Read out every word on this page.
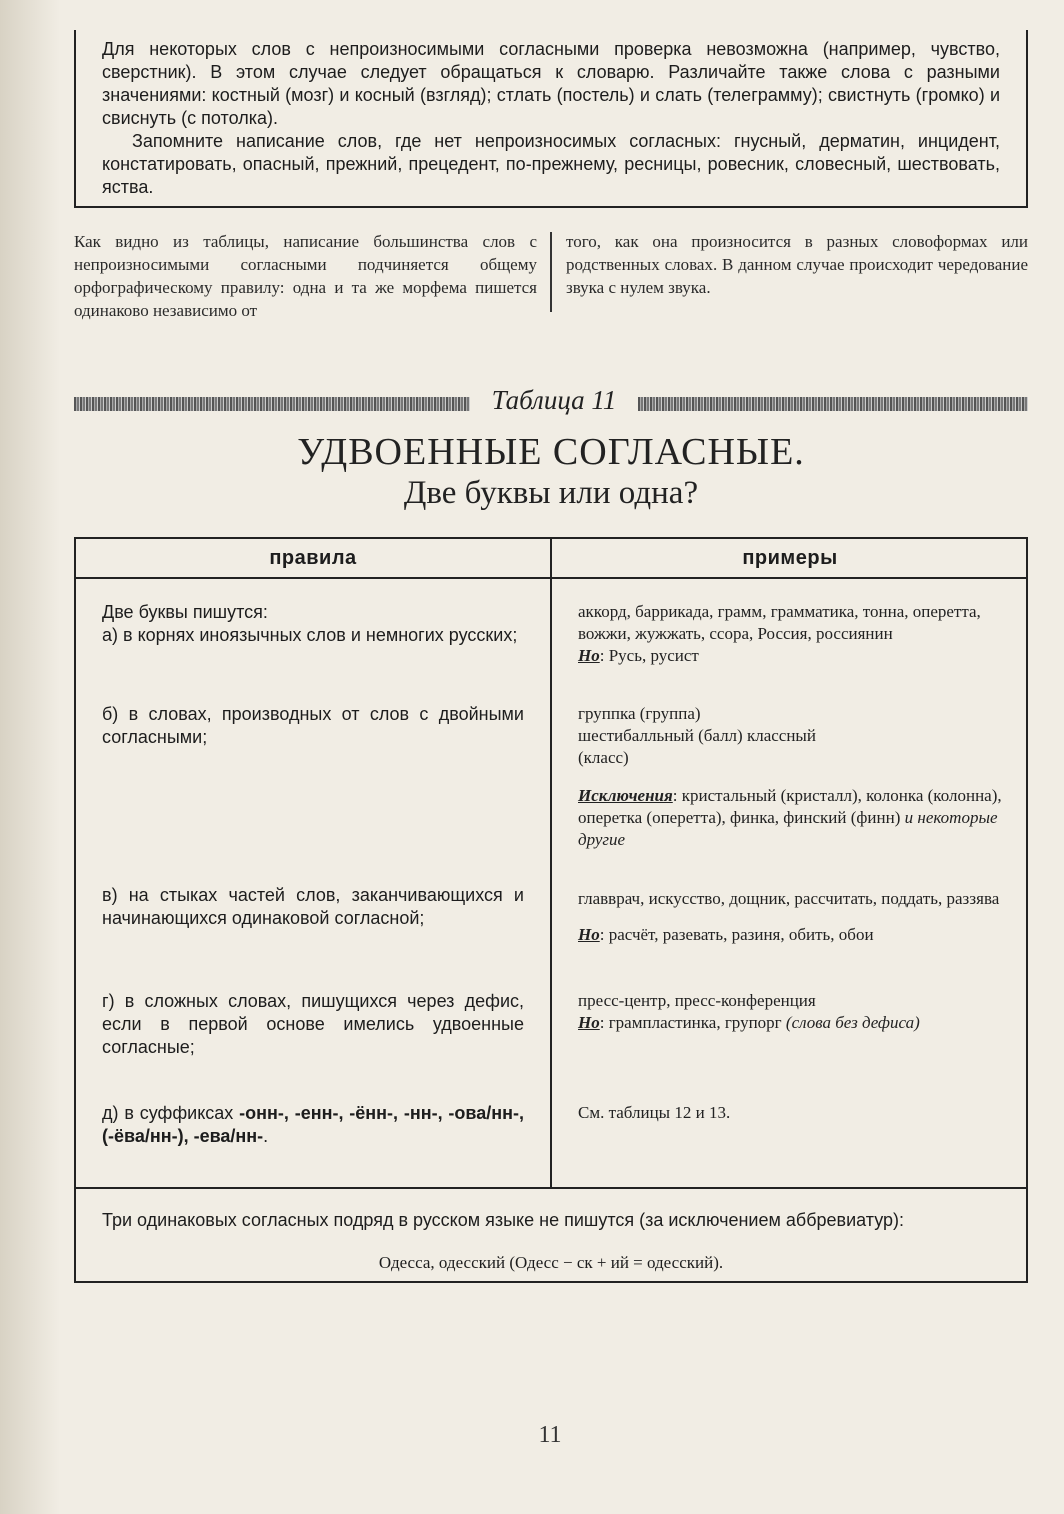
Для некоторых слов с непроизносимыми согласными проверка невозможна (например, чувство, сверстник). В этом случае следует обращаться к словарю. Различайте также слова с разными значениями: костный (мозг) и косный (взгляд); стлать (постель) и слать (телеграмму); свистнуть (громко) и свиснуть (с потолка).

Запомните написание слов, где нет непроизносимых согласных: гнусный, дерматин, инцидент, констатировать, опасный, прежний, прецедент, по-прежнему, ресницы, ровесник, словесный, шествовать, яства.

Как видно из таблицы, написание большинства слов с непроизносимыми согласными подчиняется общему орфографическому правилу: одна и та же морфема пишется одинаково независимо от
того, как она произносится в разных словоформах или родственных словах. В данном случае происходит чередование звука с нулем звука.
Таблица 11
УДВОЕННЫЕ СОГЛАСНЫЕ.
Две буквы или одна?
правила	примеры
Две буквы пишутся:
а) в корнях иноязычных слов и немногих русских;
б) в словах, производных от слов с двойными согласными;
в) на стыках частей слов, заканчивающихся и начинающихся одинаковой согласной;
г) в сложных словах, пишущихся через дефис, если в первой основе имелись удвоенные согласные;
д) в суффиксах -онн-, -енн-, -ённ-, -нн-, -ова/нн-, (-ёва/нн-), -ева/нн-.
аккорд, баррикада, грамм, грамматика, тонна, оперетта, вожжи, жужжать, ссора, Россия, россиянин
Но: Русь, русист
группка (группа) шестибалльный (балл) классный (класс)
Исключения: кристальный (кристалл), колонка (колонна), оперетка (оперетта), финка, финский (финн) и некоторые другие
главврач, искусство, дощник, рассчитать, поддать, раззява
Но: расчёт, разевать, разиня, обить, обои
пресс-центр, пресс-конференция
Но: грампластинка, групорг (слова без дефиса)
См. таблицы 12 и 13.
Три одинаковых согласных подряд в русском языке не пишутся (за исключением аббревиатур):
Одесса, одесский (Одесс − ск + ий = одесский).
11
